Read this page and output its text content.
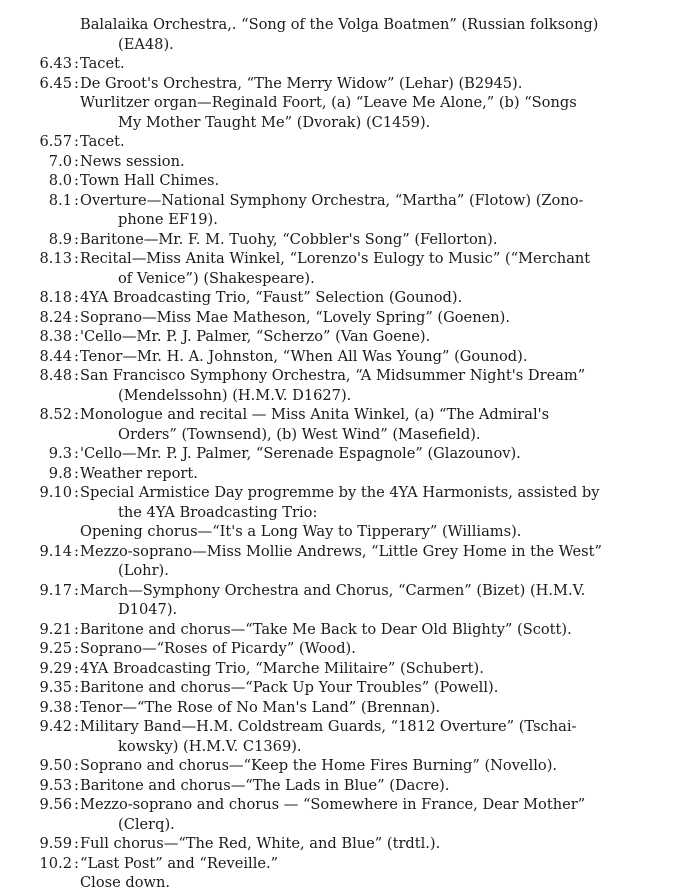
Balalaika Orchestra,. “Song of the Volga Boatmen” (Russian folksong)
(EA48).
6.43 : Tacet.
6.45 : De Groot's Orchestra, “The Merry Widow” (Lehar) (B2945).
Wurlitzer organ—Reginald Foort, (a) “Leave Me Alone,” (b) “Songs
My Mother Taught Me” (Dvorak) (C1459).
6.57 : Tacet.
7.0 : News session.
8.0 : Town Hall Chimes.
8.1 : Overture—National Symphony Orchestra, “Martha” (Flotow) (Zono-
phone EF19).
8.9 : Baritone—Mr. F. M. Tuohy, “Cobbler's Song” (Fellorton).
8.13 : Recital—Miss Anita Winkel, “Lorenzo's Eulogy to Music” (“Merchant
of Venice”) (Shakespeare).
8.18 : 4YA Broadcasting Trio, “Faust” Selection (Gounod).
8.24 : Soprano—Miss Mae Matheson, “Lovely Spring” (Goenen).
8.38 : 'Cello—Mr. P. J. Palmer, “Scherzo” (Van Goene).
8.44 : Tenor—Mr. H. A. Johnston, “When All Was Young” (Gounod).
8.48 : San Francisco Symphony Orchestra, “A Midsummer Night's Dream”
(Mendelssohn) (H.M.V. D1627).
8.52 : Monologue and recital — Miss Anita Winkel, (a) “The Admiral's
Orders” (Townsend), (b) West Wind” (Masefield).
9.3 : 'Cello—Mr. P. J. Palmer, “Serenade Espagnole” (Glazounov).
9.8 : Weather report.
9.10 : Special Armistice Day progremme by the 4YA Harmonists, assisted by
the 4YA Broadcasting Trio:
Opening chorus—“It's a Long Way to Tipperary” (Williams).
9.14 : Mezzo-soprano—Miss Mollie Andrews, “Little Grey Home in the West”
(Lohr).
9.17 : March—Symphony Orchestra and Chorus, “Carmen” (Bizet) (H.M.V.
D1047).
9.21 : Baritone and chorus—“Take Me Back to Dear Old Blighty” (Scott).
9.25 : Soprano—“Roses of Picardy” (Wood).
9.29 : 4YA Broadcasting Trio, “Marche Militaire” (Schubert).
9.35 : Baritone and chorus—“Pack Up Your Troubles” (Powell).
9.38 : Tenor—“The Rose of No Man's Land” (Brennan).
9.42 : Military Band—H.M. Coldstream Guards, “1812 Overture” (Tschai-
kowsky) (H.M.V. C1369).
9.50 : Soprano and chorus—“Keep the Home Fires Burning” (Novello).
9.53 : Baritone and chorus—“The Lads in Blue” (Dacre).
9.56 : Mezzo-soprano and chorus — “Somewhere in France, Dear Mother”
(Clerq).
9.59 : Full chorus—“The Red, White, and Blue” (trdtl.).
10.2 : “Last Post” and “Reveille.”
Close down.
